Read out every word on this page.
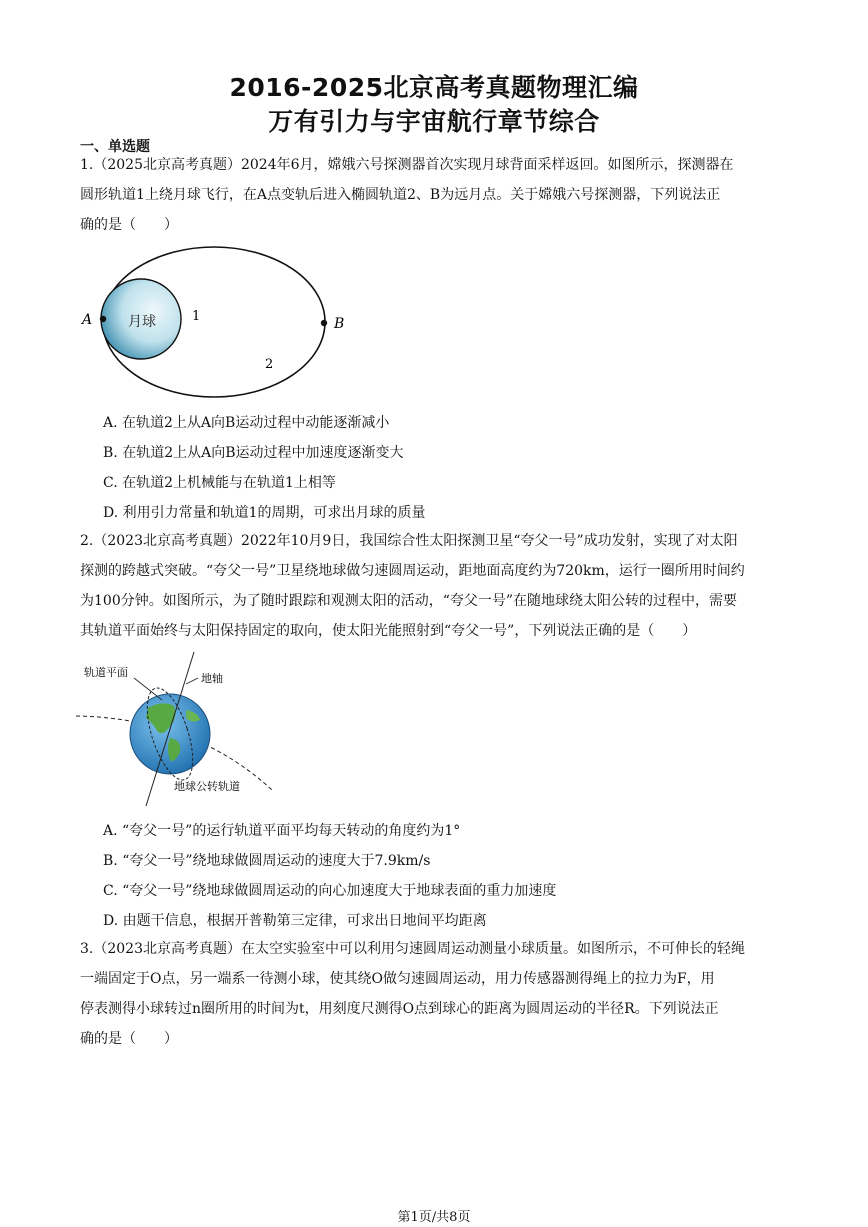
2016-2025北京高考真题物理汇编
万有引力与宇宙航行章节综合
一、单选题
1.（2025北京高考真题）2024年6月，嫦娥六号探测器首次实现月球背面采样返回。如图所示，探测器在
圆形轨道1上绕月球飞行，在A点变轨后进入椭圆轨道2、B为远月点。关于嫦娥六号探测器，下列说法正
确的是（　　）
月球
A	B
1
2
A. 在轨道2上从A向B运动过程中动能逐渐减小
B. 在轨道2上从A向B运动过程中加速度逐渐变大
C. 在轨道2上机械能与在轨道1上相等
D. 利用引力常量和轨道1的周期，可求出月球的质量
2.（2023北京高考真题）2022年10月9日，我国综合性太阳探测卫星“夸父一号”成功发射，实现了对太阳
探测的跨越式突破。“夸父一号”卫星绕地球做匀速圆周运动，距地面高度约为720km，运行一圈所用时间约
为100分钟。如图所示，为了随时跟踪和观测太阳的活动，“夸父一号”在随地球绕太阳公转的过程中，需要
其轨道平面始终与太阳保持固定的取向，使太阳光能照射到“夸父一号”，下列说法正确的是（　　）
轨道平面	地轴
地球公转轨道
A. “夸父一号”的运行轨道平面平均每天转动的角度约为1°
B. “夸父一号”绕地球做圆周运动的速度大于7.9km/s
C. “夸父一号”绕地球做圆周运动的向心加速度大于地球表面的重力加速度
D. 由题干信息，根据开普勒第三定律，可求出日地间平均距离
3.（2023北京高考真题）在太空实验室中可以利用匀速圆周运动测量小球质量。如图所示，不可伸长的轻绳
一端固定于O点，另一端系一待测小球，使其绕O做匀速圆周运动，用力传感器测得绳上的拉力为F，用
停表测得小球转过n圈所用的时间为t，用刻度尺测得O点到球心的距离为圆周运动的半径R。下列说法正
确的是（　　）
第1页/共8页
